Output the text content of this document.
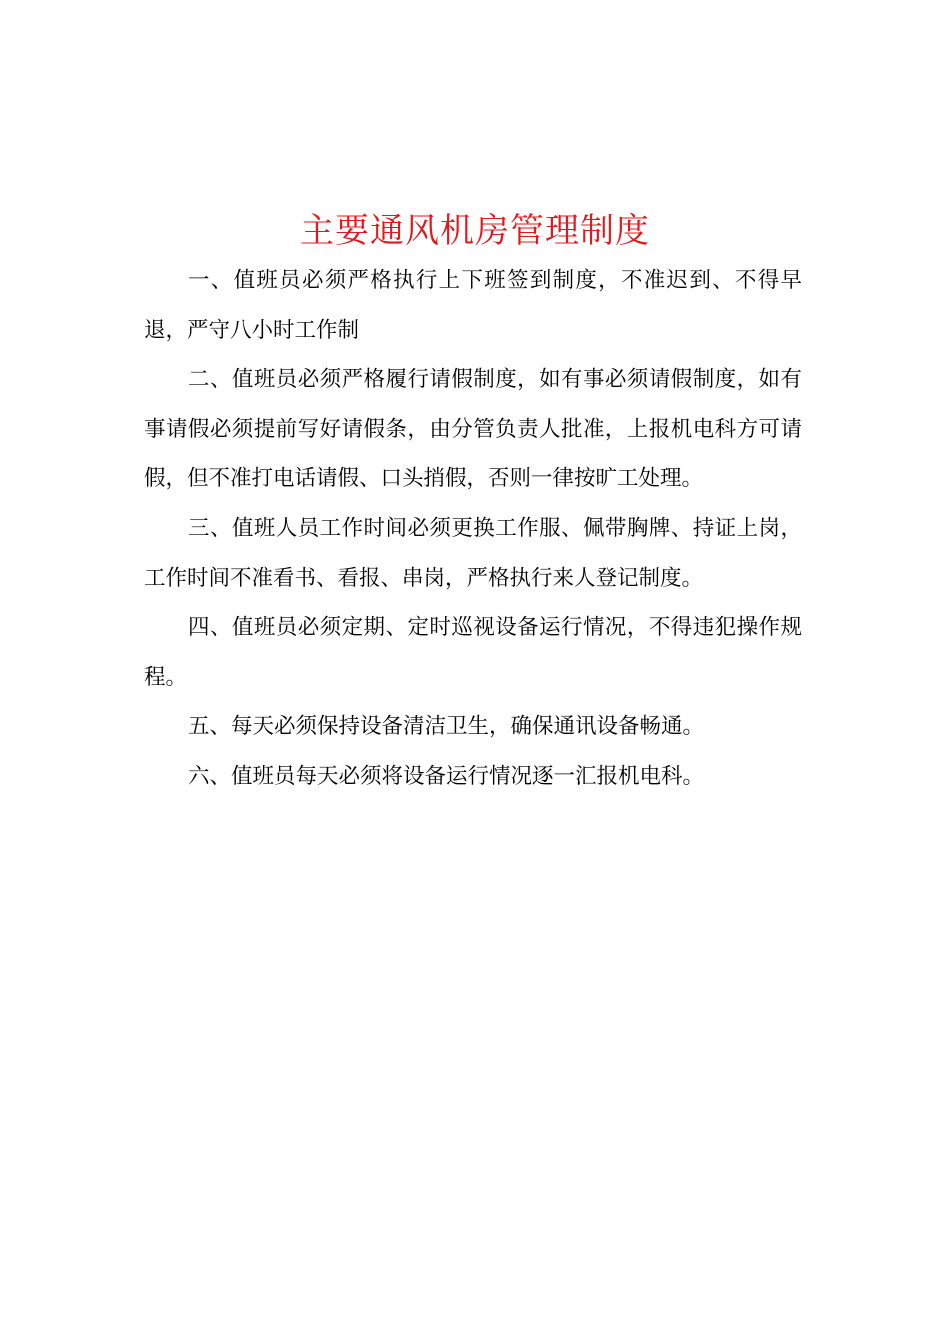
主要通风机房管理制度

一、值班员必须严格执行上下班签到制度，不准迟到、不得早退，严守八小时工作制

二、值班员必须严格履行请假制度，如有事必须请假制度，如有事请假必须提前写好请假条，由分管负责人批准，上报机电科方可请假，但不准打电话请假、口头捎假，否则一律按旷工处理。

三、值班人员工作时间必须更换工作服、佩带胸牌、持证上岗，工作时间不准看书、看报、串岗，严格执行来人登记制度。

四、值班员必须定期、定时巡视设备运行情况，不得违犯操作规程。

五、每天必须保持设备清洁卫生，确保通讯设备畅通。

六、值班员每天必须将设备运行情况逐一汇报机电科。
